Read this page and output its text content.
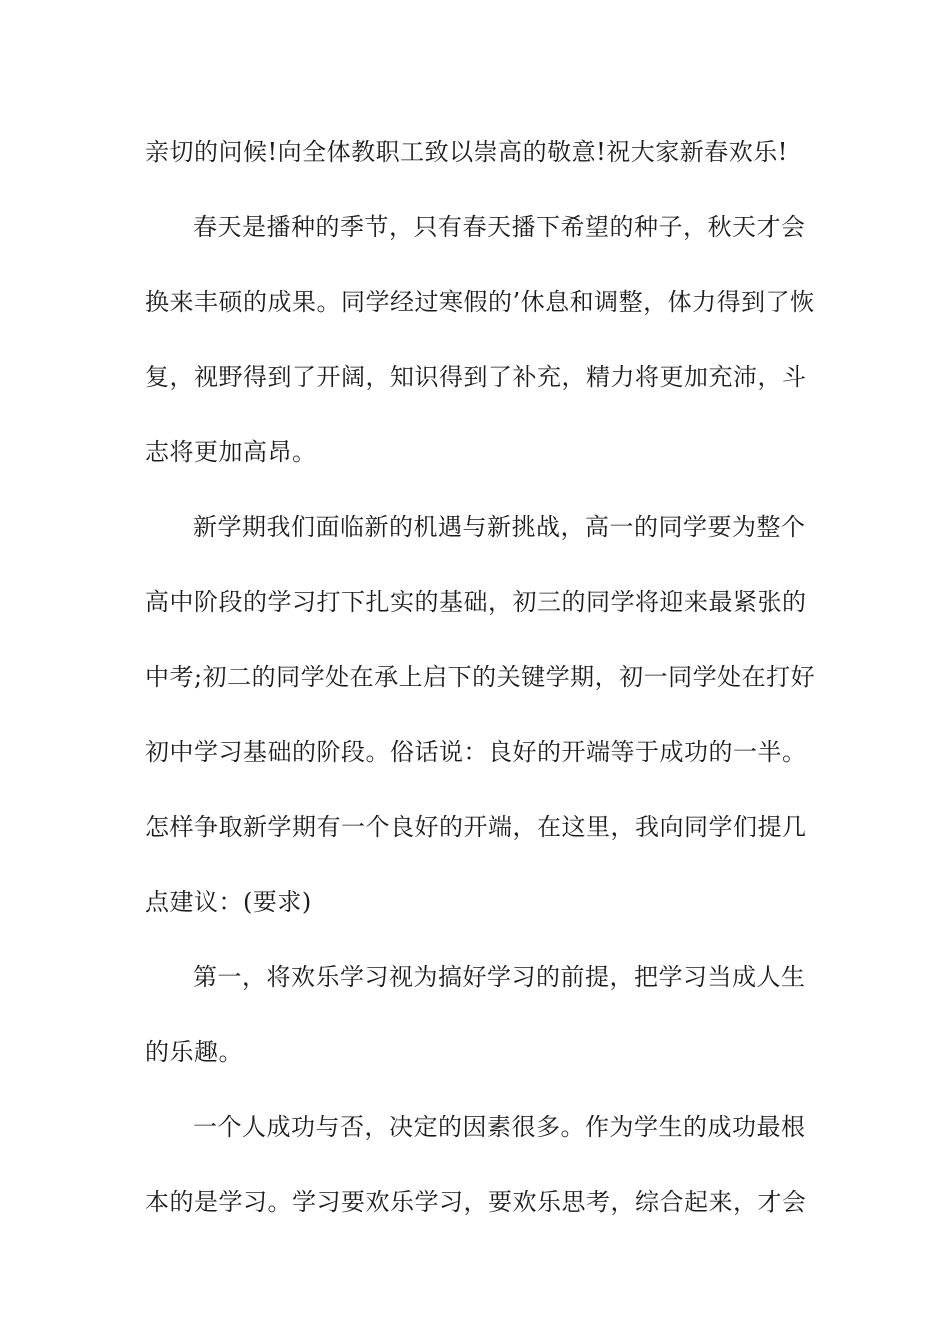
亲切的问候!向全体教职工致以崇高的敬意!祝大家新春欢乐!
春天是播种的季节，只有春天播下希望的种子，秋天才会
换来丰硕的成果。同学经过寒假的’休息和调整，体力得到了恢
复，视野得到了开阔，知识得到了补充，精力将更加充沛，斗
志将更加高昂。
新学期我们面临新的机遇与新挑战，高一的同学要为整个
高中阶段的学习打下扎实的基础，初三的同学将迎来最紧张的
中考;初二的同学处在承上启下的关键学期，初一同学处在打好
初中学习基础的阶段。俗话说：良好的开端等于成功的一半。
怎样争取新学期有一个良好的开端，在这里，我向同学们提几
点建议：(要求)
第一，将欢乐学习视为搞好学习的前提，把学习当成人生
的乐趣。
一个人成功与否，决定的因素很多。作为学生的成功最根
本的是学习。学习要欢乐学习，要欢乐思考，综合起来，才会
